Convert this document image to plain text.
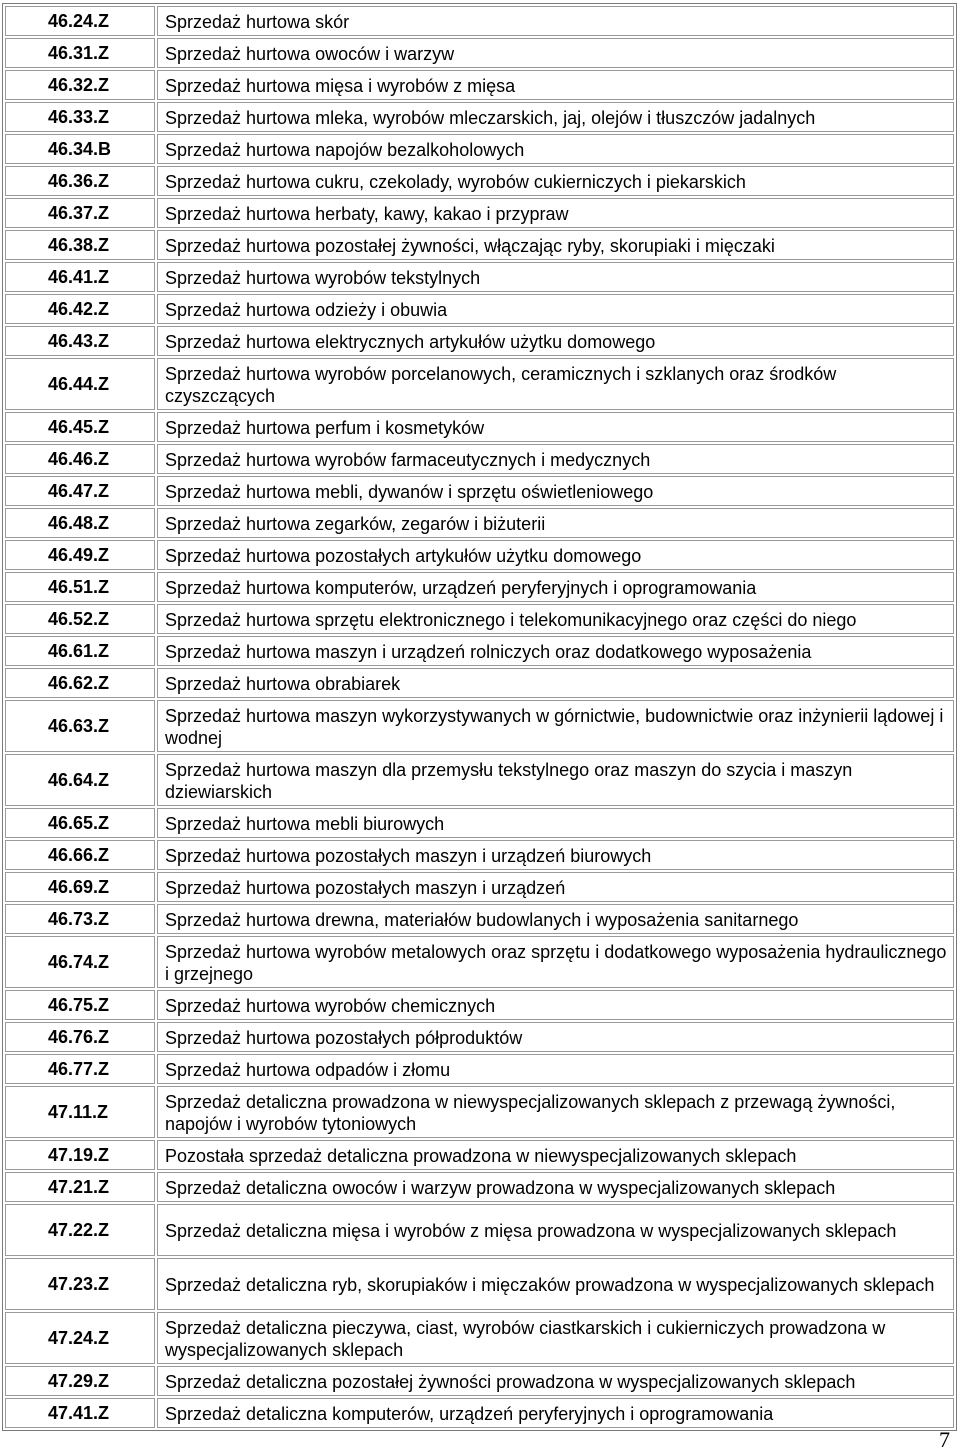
46.24.Z	Sprzedaż hurtowa skór
46.31.Z	Sprzedaż hurtowa owoców i warzyw
46.32.Z	Sprzedaż hurtowa mięsa i wyrobów z mięsa
46.33.Z	Sprzedaż hurtowa mleka, wyrobów mleczarskich, jaj, olejów i tłuszczów jadalnych
46.34.B	Sprzedaż hurtowa napojów bezalkoholowych
46.36.Z	Sprzedaż hurtowa cukru, czekolady, wyrobów cukierniczych i piekarskich
46.37.Z	Sprzedaż hurtowa herbaty, kawy, kakao i przypraw
46.38.Z	Sprzedaż hurtowa pozostałej żywności, włączając ryby, skorupiaki i mięczaki
46.41.Z	Sprzedaż hurtowa wyrobów tekstylnych
46.42.Z	Sprzedaż hurtowa odzieży i obuwia
46.43.Z	Sprzedaż hurtowa elektrycznych artykułów użytku domowego
46.44.Z	Sprzedaż hurtowa wyrobów porcelanowych, ceramicznych i szklanych oraz środków czyszczących
46.45.Z	Sprzedaż hurtowa perfum i kosmetyków
46.46.Z	Sprzedaż hurtowa wyrobów farmaceutycznych i medycznych
46.47.Z	Sprzedaż hurtowa mebli, dywanów i sprzętu oświetleniowego
46.48.Z	Sprzedaż hurtowa zegarków, zegarów i biżuterii
46.49.Z	Sprzedaż hurtowa pozostałych artykułów użytku domowego
46.51.Z	Sprzedaż hurtowa komputerów, urządzeń peryferyjnych i oprogramowania
46.52.Z	Sprzedaż hurtowa sprzętu elektronicznego i telekomunikacyjnego oraz części do niego
46.61.Z	Sprzedaż hurtowa maszyn i urządzeń rolniczych oraz dodatkowego wyposażenia
46.62.Z	Sprzedaż hurtowa obrabiarek
46.63.Z	Sprzedaż hurtowa maszyn wykorzystywanych w górnictwie, budownictwie oraz inżynierii lądowej i wodnej
46.64.Z	Sprzedaż hurtowa maszyn dla przemysłu tekstylnego oraz maszyn do szycia i maszyn dziewiarskich
46.65.Z	Sprzedaż hurtowa mebli biurowych
46.66.Z	Sprzedaż hurtowa pozostałych maszyn i urządzeń biurowych
46.69.Z	Sprzedaż hurtowa pozostałych maszyn i urządzeń
46.73.Z	Sprzedaż hurtowa drewna, materiałów budowlanych i wyposażenia sanitarnego
46.74.Z	Sprzedaż hurtowa wyrobów metalowych oraz sprzętu i dodatkowego wyposażenia hydraulicznego i grzejnego
46.75.Z	Sprzedaż hurtowa wyrobów chemicznych
46.76.Z	Sprzedaż hurtowa pozostałych półproduktów
46.77.Z	Sprzedaż hurtowa odpadów i złomu
47.11.Z	Sprzedaż detaliczna prowadzona w niewyspecjalizowanych sklepach z przewagą żywności, napojów i wyrobów tytoniowych
47.19.Z	Pozostała sprzedaż detaliczna prowadzona w niewyspecjalizowanych sklepach
47.21.Z	Sprzedaż detaliczna owoców i warzyw prowadzona w wyspecjalizowanych sklepach
47.22.Z	Sprzedaż detaliczna mięsa i wyrobów z mięsa prowadzona w wyspecjalizowanych sklepach
47.23.Z	Sprzedaż detaliczna ryb, skorupiaków i mięczaków prowadzona w wyspecjalizowanych sklepach
47.24.Z	Sprzedaż detaliczna pieczywa, ciast, wyrobów ciastkarskich i cukierniczych prowadzona w wyspecjalizowanych sklepach
47.29.Z	Sprzedaż detaliczna pozostałej żywności prowadzona w wyspecjalizowanych sklepach
47.41.Z	Sprzedaż detaliczna komputerów, urządzeń peryferyjnych i oprogramowania
7
